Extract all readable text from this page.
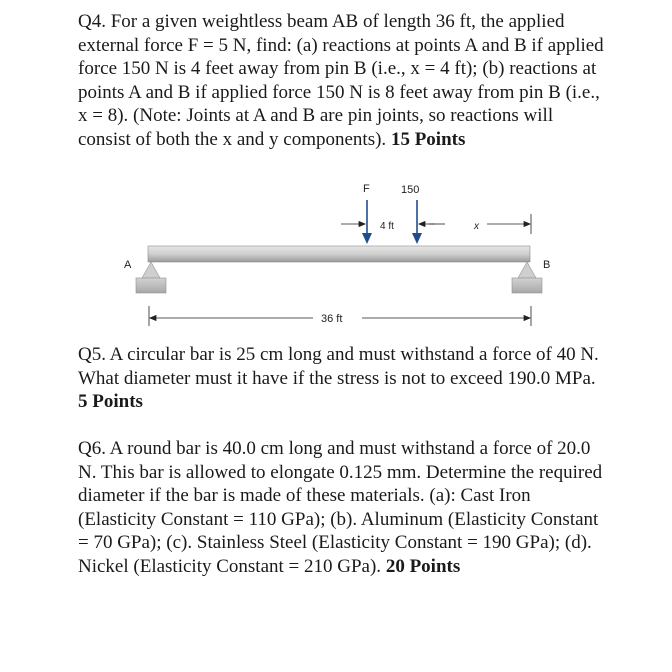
Q4. For a given weightless beam AB of length 36 ft, the applied external force F = 5 N, find: (a) reactions at points A and B if applied force 150 N is 4 feet away from pin B (i.e., x = 4 ft); (b) reactions at points A and B if applied force 150 N is 8 feet away from pin B (i.e., x = 8). (Note: Joints at A and B are pin joints, so reactions will consist of both the x and y components). 15 Points

A	B
F	150
4 ft	x
36 ft

Q5. A circular bar is 25 cm long and must withstand a force of 40 N. What diameter must it have if the stress is not to exceed 190.0 MPa. 5 Points

Q6. A round bar is 40.0 cm long and must withstand a force of 20.0 N. This bar is allowed to elongate 0.125 mm. Determine the required diameter if the bar is made of these materials. (a): Cast Iron (Elasticity Constant = 110 GPa); (b). Aluminum (Elasticity Constant = 70 GPa); (c). Stainless Steel (Elasticity Constant = 190 GPa); (d). Nickel (Elasticity Constant = 210 GPa). 20 Points
